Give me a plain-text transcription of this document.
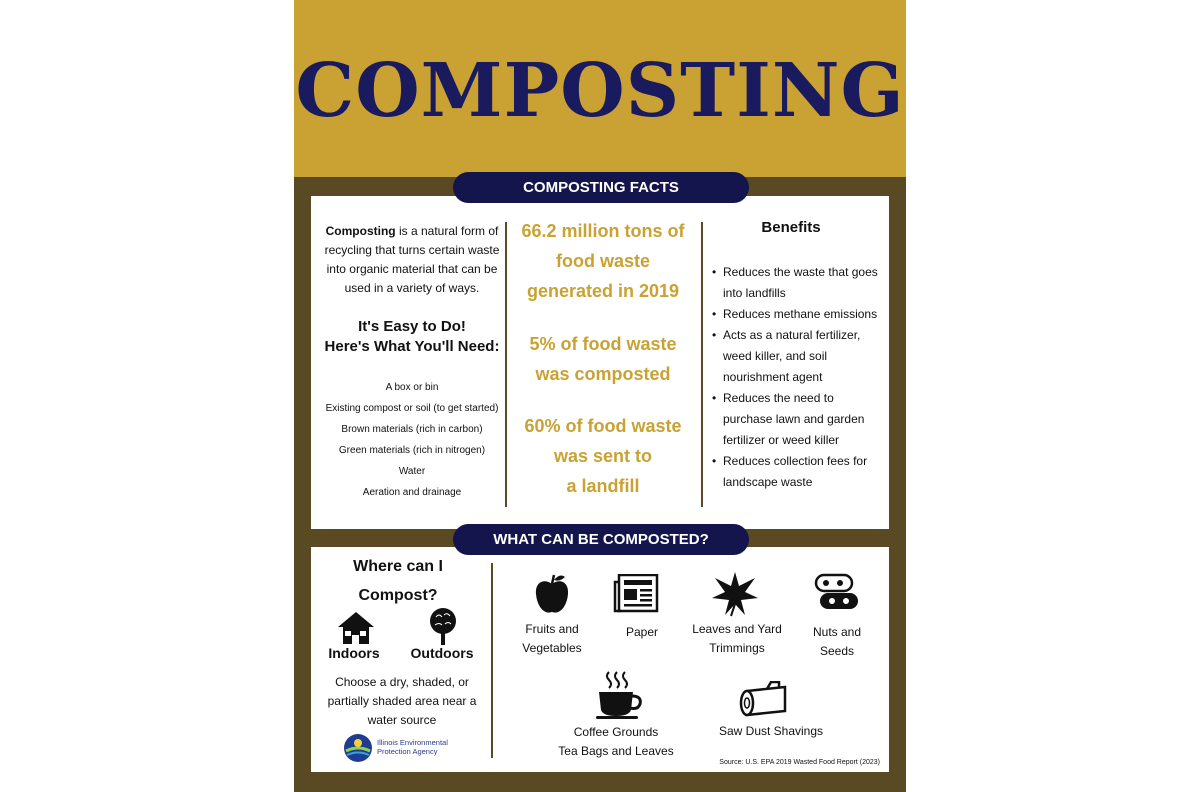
COMPOSTING
COMPOSTING FACTS
WHAT CAN BE COMPOSTED?
Composting is a natural form of recycling that turns certain waste into organic material that can be used in a variety of ways.
It's Easy to Do!
Here's What You'll Need:
A box or bin
Existing compost or soil (to get started)
Brown materials (rich in carbon)
Green materials (rich in nitrogen)
Water
Aeration and drainage
66.2 million tons of
food waste
generated in 2019
5% of food waste
was composted
60% of food waste
was sent to
a landfill
Benefits
• Reduces the waste that goes into landfills
• Reduces methane emissions
• Acts as a natural fertilizer, weed killer, and soil nourishment agent
• Reduces the need to purchase lawn and garden fertilizer or weed killer
• Reduces collection fees for landscape waste
Where can I
Compost?
Indoors	Outdoors
Choose a dry, shaded, or partially shaded area near a water source
Illinois Environmental
Protection Agency
Fruits and
Vegetables
Paper	Leaves and Yard
Trimmings
Nuts and
Seeds
Coffee Grounds
Tea Bags and Leaves
Saw Dust Shavings
Source: U.S. EPA 2019 Wasted Food Report (2023)
